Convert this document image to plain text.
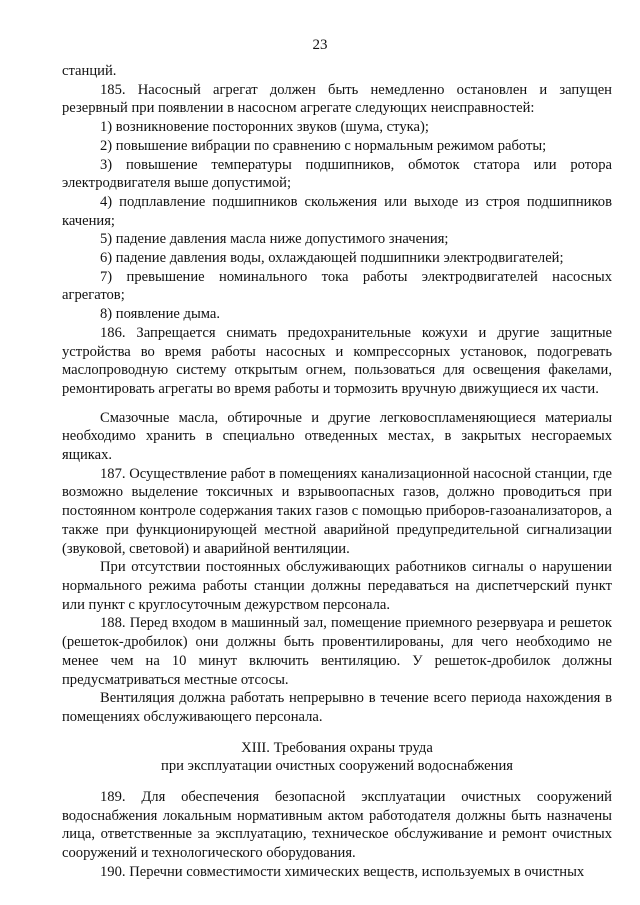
23

станций.

185. Насосный агрегат должен быть немедленно остановлен и запущен резервный при появлении в насосном агрегате следующих неисправностей:

1) возникновение посторонних звуков (шума, стука);

2) повышение вибрации по сравнению с нормальным режимом работы;

3) повышение температуры подшипников, обмоток статора или ротора электродвигателя выше допустимой;

4) подплавление подшипников скольжения или выходе из строя подшипников качения;

5) падение давления масла ниже допустимого значения;

6) падение давления воды, охлаждающей подшипники электродвигателей;

7) превышение номинального тока работы электродвигателей насосных агрегатов;

8) появление дыма.

186. Запрещается снимать предохранительные кожухи и другие защитные устройства во время работы насосных и компрессорных установок, подогревать маслопроводную систему открытым огнем, пользоваться для освещения факелами, ремонтировать агрегаты во время работы и тормозить вручную движущиеся их части.

Смазочные масла, обтирочные и другие легковоспламеняющиеся материалы необходимо хранить в специально отведенных местах, в закрытых несгораемых ящиках.

187. Осуществление работ в помещениях канализационной насосной станции, где возможно выделение токсичных и взрывоопасных газов, должно проводиться при постоянном контроле содержания таких газов с помощью приборов-газоанализаторов, а также при функционирующей местной аварийной предупредительной сигнализации (звуковой, световой) и аварийной вентиляции.

При отсутствии постоянных обслуживающих работников сигналы о нарушении нормального режима работы станции должны передаваться на диспетчерский пункт или пункт с круглосуточным дежурством персонала.

188. Перед входом в машинный зал, помещение приемного резервуара и решеток (решеток-дробилок) они должны быть провентилированы, для чего необходимо не менее чем на 10 минут включить вентиляцию. У решеток-дробилок должны предусматриваться местные отсосы.

Вентиляция должна работать непрерывно в течение всего периода нахождения в помещениях обслуживающего персонала.

XIII. Требования охраны труда

при эксплуатации очистных сооружений водоснабжения

189. Для обеспечения безопасной эксплуатации очистных сооружений водоснабжения локальным нормативным актом работодателя должны быть назначены лица, ответственные за эксплуатацию, техническое обслуживание и ремонт очистных сооружений и технологического оборудования.

190. Перечни совместимости химических веществ, используемых в очистных
